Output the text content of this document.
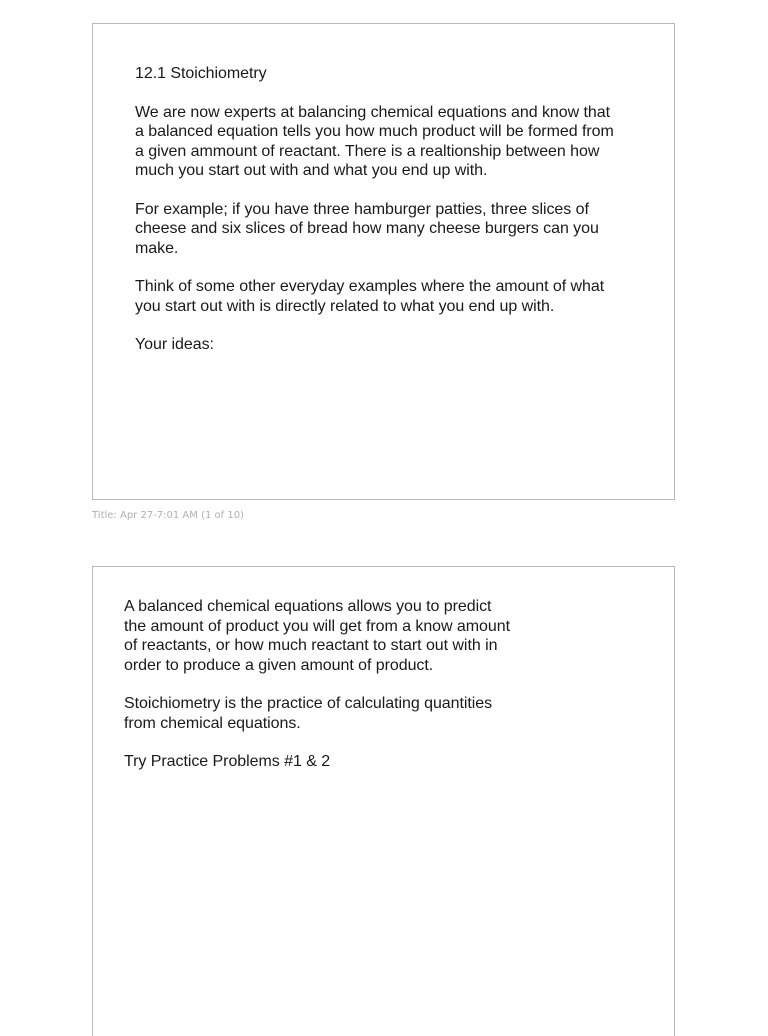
12.1 Stoichiometry

We are now experts at balancing chemical equations and know that
a balanced equation tells you how much product will be formed from
a given ammount of reactant. There is a realtionship between how
much you start out with and what you end up with.

For example; if you have three hamburger patties, three slices of
cheese and six slices of bread how many cheese burgers can you
make.

Think of some other everyday examples where the amount of what
you start out with is directly related to what you end up with.

Your ideas:

Title: Apr 27-7:01 AM (1 of 10)

A balanced chemical equations allows you to predict
the amount of product you will get from a know amount
of reactants, or how much reactant to start out with in
order to produce a given amount of product.

Stoichiometry is the practice of calculating quantities
from chemical equations.

Try Practice Problems #1 & 2
